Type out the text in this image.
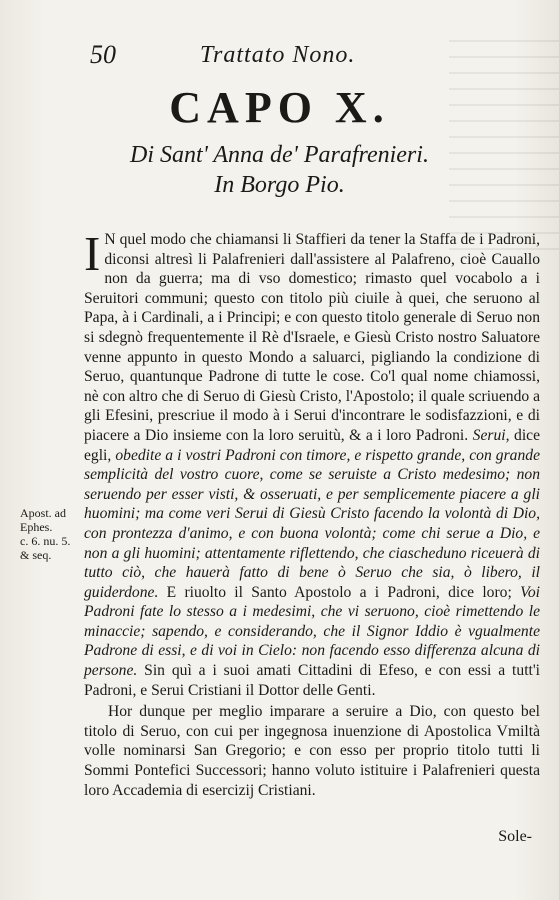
50	Trattato Nono.
CAPO X.
Di Sant' Anna de' Parafrenieri.
In Borgo Pio.

I N quel modo che chiamansi li Staffieri da tener la Staffa de i Padroni, diconsi altresì li Palafrenieri dall'assistere al Palafreno, cioè Cauallo non da guerra; ma di vso domestico; rimasto quel vocabolo a i Seruitori communi; questo con titolo più ciuile à quei, che seruono al Papa, à i Cardinali, a i Principi; e con questo titolo generale di Seruo non si sdegnò frequentemente il Rè d'Israele, e Giesù Cristo nostro Saluatore venne appunto in questo Mondo a saluarci, pigliando la condizione di Seruo, quantunque Padrone di tutte le cose. Co'l qual nome chiamossi, nè con altro che di Seruo di Giesù Cristo, l'Apostolo; il quale scriuendo a gli Efesini, prescriue il modo à i Serui d'incontrare le sodisfazzioni, e di piacere a Dio insieme con la loro seruitù, & a i loro Padroni. Serui, dice egli, obedite a i vostri Padroni con timore, e rispetto grande, con grande semplicità del vostro cuore, come se seruiste a Cristo medesimo; non seruendo per esser visti, & osseruati, e per semplicemente piacere a gli huomini; ma come veri Serui di Giesù Cristo facendo la volontà di Dio, con prontezza d'animo, e con buona volontà; come chi serue a Dio, e non a gli huomini; attentamente riflettendo, che ciascheduno riceuerà di tutto ciò, che hauerà fatto di bene ò Seruo che sia, ò libero, il guiderdone. E riuolto il Santo Apostolo a i Padroni, dice loro; Voi Padroni fate lo stesso a i medesimi, che vi seruono, cioè rimettendo le minaccie; sapendo, e considerando, che il Signor Iddio è vgualmente Padrone di essi, e di voi in Cielo: non facendo esso differenza alcuna di persone. Sin quì a i suoi amati Cittadini di Efeso, e con essi a tutt'i Padroni, e Serui Cristiani il Dottor delle Genti.

Hor dunque per meglio imparare a seruire a Dio, con questo bel titolo di Seruo, con cui per ingegnosa inuenzione di Apostolica Vmiltà volle nominarsi San Gregorio; e con esso per proprio titolo tutti li Sommi Pontefici Successori; hanno voluto istituire i Palafrenieri questa loro Accademia di esercizij Cristiani.

Apost. ad
Ephes.
c. 6. nu. 5.
& seq.
Sole-
